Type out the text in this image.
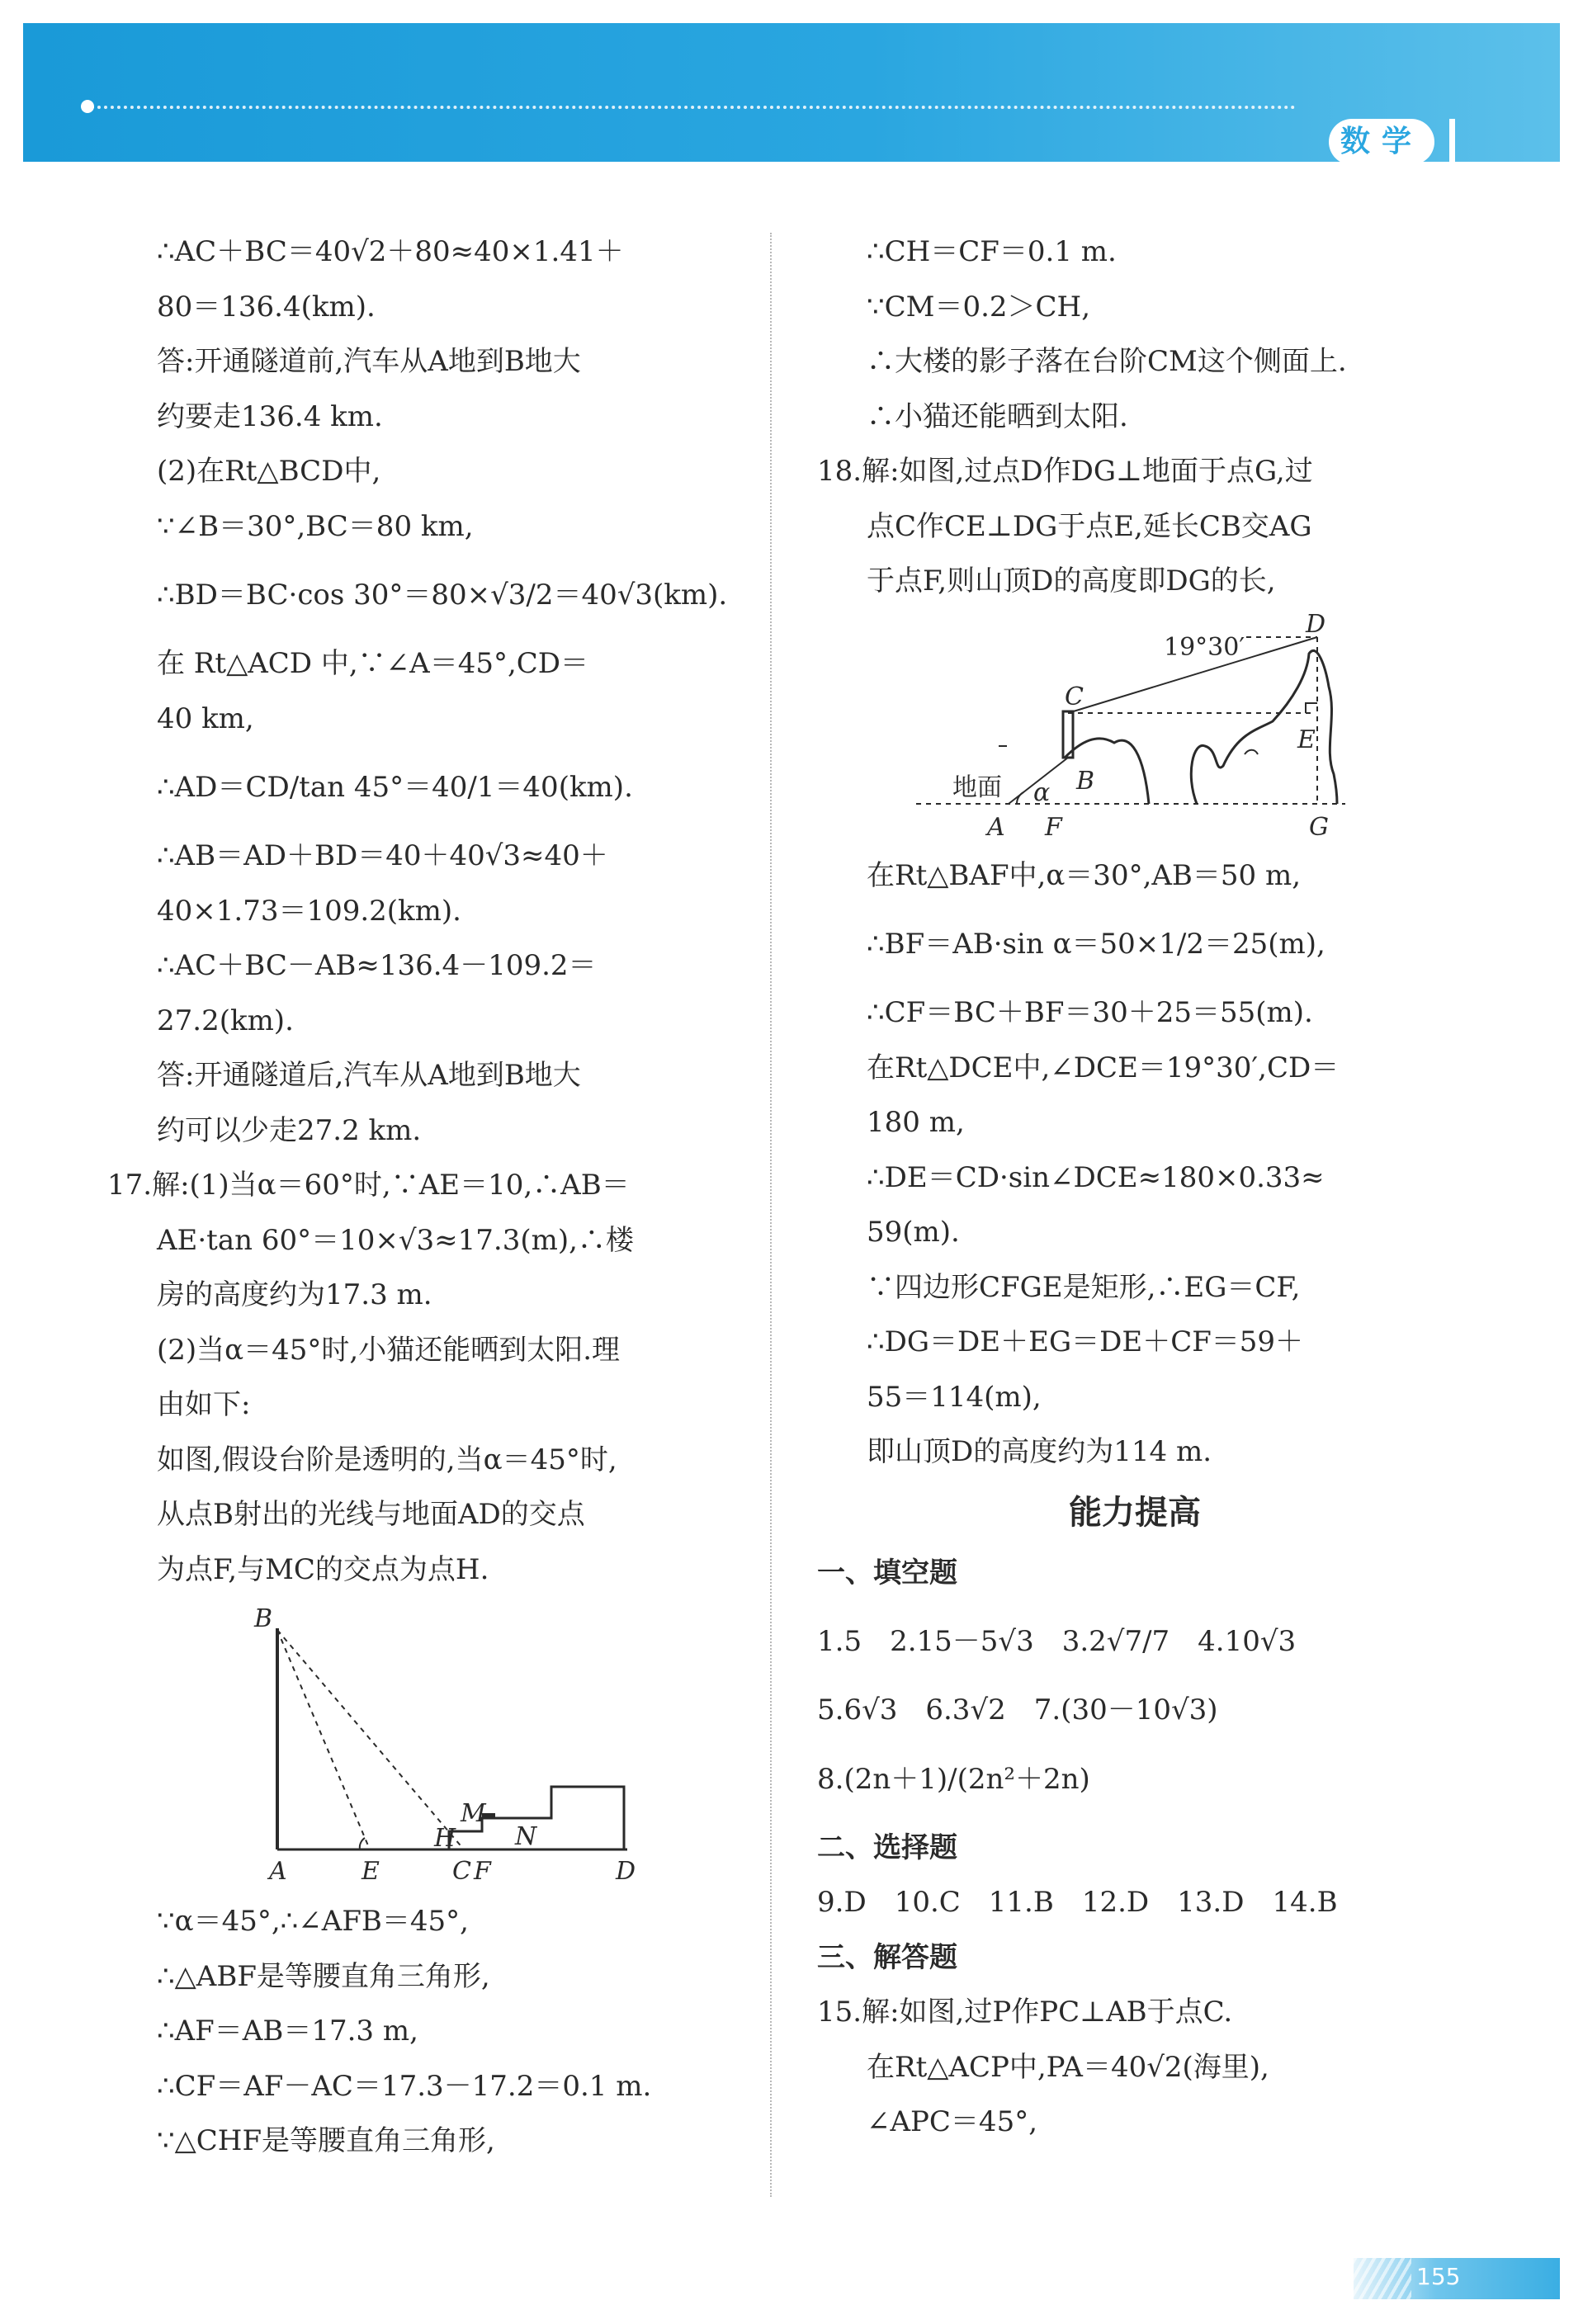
数学
∴AC＋BC＝40√2＋80≈40×1.41＋
80＝136.4(km).
答:开通隧道前,汽车从A地到B地大
约要走136.4 km.
(2)在Rt△BCD中,
∵∠B＝30°,BC＝80 km,
∴BD＝BC·cos 30°＝80×√3/2＝40√3(km).
在 Rt△ACD 中,∵∠A＝45°,CD＝
40 km,
∴AD＝CD/tan 45°＝40/1＝40(km).
∴AB＝AD＋BD＝40＋40√3≈40＋
40×1.73＝109.2(km).
∴AC＋BC－AB≈136.4－109.2＝
27.2(km).
答:开通隧道后,汽车从A地到B地大
约可以少走27.2 km.
17.解:(1)当α＝60°时,∵AE＝10,∴AB＝
AE·tan 60°＝10×√3≈17.3(m),∴楼
房的高度约为17.3 m.
(2)当α＝45°时,小猫还能晒到太阳.理
由如下:
如图,假设台阶是透明的,当α＝45°时,
从点B射出的光线与地面AD的交点
为点F,与MC的交点为点H.
B
A	E
H
M
C F
N
D
∵α＝45°,∴∠AFB＝45°,
∴△ABF是等腰直角三角形,
∴AF＝AB＝17.3 m,
∴CF＝AF－AC＝17.3－17.2＝0.1 m.
∵△CHF是等腰直角三角形,
∴CH＝CF＝0.1 m.
∵CM＝0.2＞CH,
∴大楼的影子落在台阶CM这个侧面上.
∴小猫还能晒到太阳.
18.解:如图,过点D作DG⊥地面于点G,过
点C作CE⊥DG于点E,延长CB交AG
于点F,则山顶D的高度即DG的长,
19°30′
D
C
E
B
α
地面
A F	G
在Rt△BAF中,α＝30°,AB＝50 m,
∴BF＝AB·sin α＝50×1/2＝25(m),
∴CF＝BC＋BF＝30＋25＝55(m).
在Rt△DCE中,∠DCE＝19°30′,CD＝
180 m,
∴DE＝CD·sin∠DCE≈180×0.33≈
59(m).
∵四边形CFGE是矩形,∴EG＝CF,
∴DG＝DE＋EG＝DE＋CF＝59＋
55＝114(m),
即山顶D的高度约为114 m.
能力提高
一、填空题
1.5　2.15－5√3　3.2√7/7　4.10√3
5.6√3　6.3√2　7.(30－10√3)
8.(2n＋1)/(2n²＋2n)
二、选择题
9.D　10.C　11.B　12.D　13.D　14.B
三、解答题
15.解:如图,过P作PC⊥AB于点C.
在Rt△ACP中,PA＝40√2(海里),
∠APC＝45°,
155
